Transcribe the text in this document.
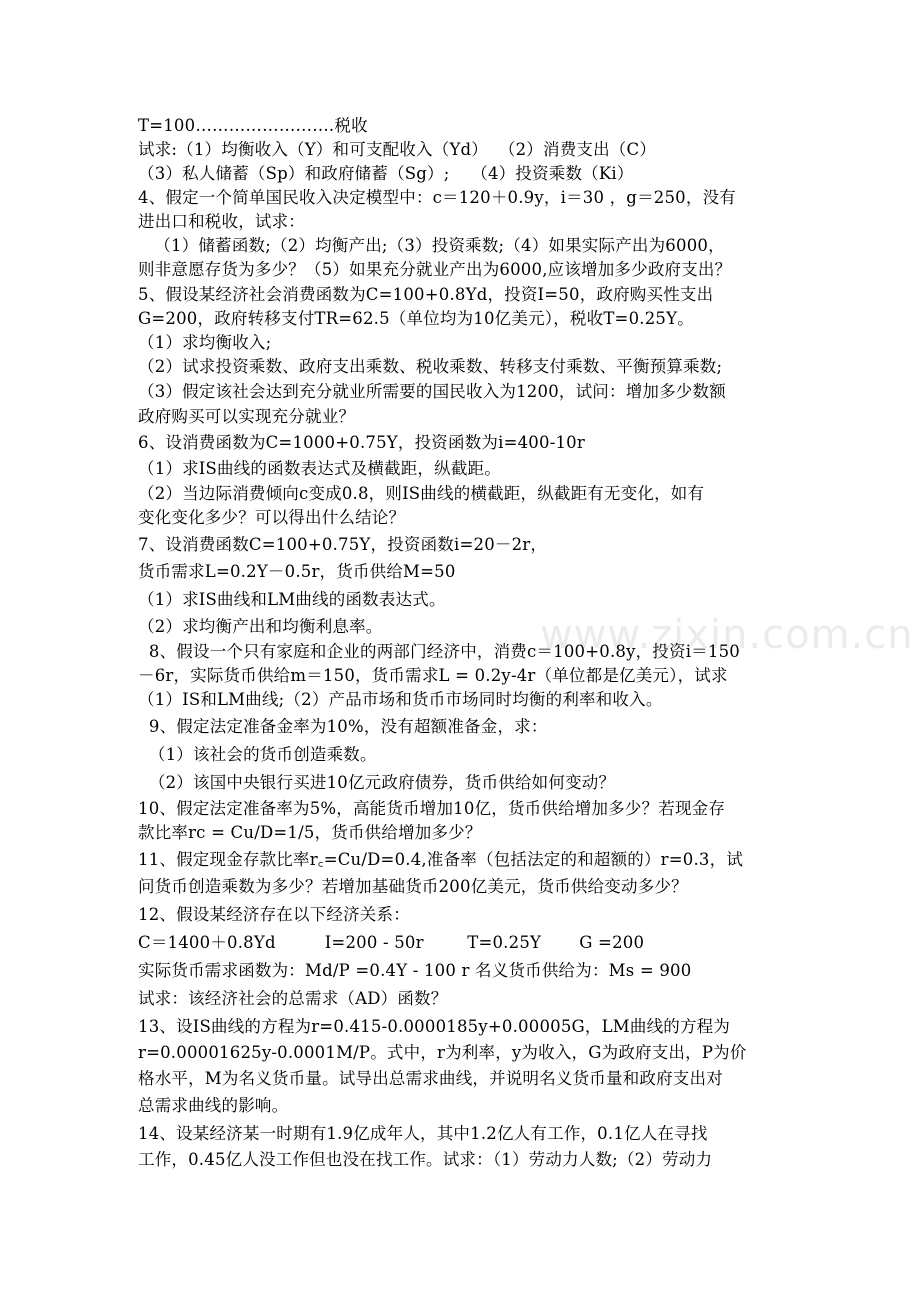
www.zixin.com.cn
T=100…………………….税收
试求:（1）均衡收入（Y）和可支配收入（Yd）  （2）消费支出（C）
（3）私人储蓄（Sp）和政府储蓄（Sg）;    （4）投资乘数（Ki）
4、假定一个简单国民收入决定模型中：c＝120＋0.9y，i＝30 ，g＝250，没有
进出口和税收，试求：
（1）储蓄函数;（2）均衡产出;（3）投资乘数;（4）如果实际产出为6000，
则非意愿存货为多少？（5）如果充分就业产出为6000,应该增加多少政府支出？
5、假设某经济社会消费函数为C=100+0.8Yd，投资I=50，政府购买性支出
G=200，政府转移支付TR=62.5（单位均为10亿美元），税收T=0.25Y。
（1）求均衡收入;
（2）试求投资乘数、政府支出乘数、税收乘数、转移支付乘数、平衡预算乘数;
（3）假定该社会达到充分就业所需要的国民收入为1200，试问：增加多少数额
政府购买可以实现充分就业？
6、设消费函数为C=1000+0.75Y，投资函数为i=400-10r
（1）求IS曲线的函数表达式及横截距，纵截距。
（2）当边际消费倾向c变成0.8，则IS曲线的横截距，纵截距有无变化，如有
变化变化多少？可以得出什么结论？
7、设消费函数C=100+0.75Y，投资函数i=20－2r，
货币需求L=0.2Y－0.5r，货币供给M=50
（1）求IS曲线和LM曲线的函数表达式。
（2）求均衡产出和均衡利息率。
8、假设一个只有家庭和企业的两部门经济中，消费c＝100+0.8y，投资i＝150
－6r，实际货币供给m＝150，货币需求L = 0.2y-4r（单位都是亿美元），试求
（1）IS和LM曲线;（2）产品市场和货币市场同时均衡的利率和收入。
9、假定法定准备金率为10%，没有超额准备金，求：
（1）该社会的货币创造乘数。
（2）该国中央银行买进10亿元政府债券，货币供给如何变动？
10、假定法定准备率为5%，高能货币增加10亿，货币供给增加多少？若现金存
款比率rc = Cu/D=1/5，货币供给增加多少？
11、假定现金存款比率r꜀=Cu/D=0.4,准备率（包括法定的和超额的）r=0.3，试
问货币创造乘数为多少？若增加基础货币200亿美元，货币供给变动多少？
12、假设某经济存在以下经济关系：
C＝1400＋0.8Yd         I=200 - 50r        T=0.25Y       G =200
实际货币需求函数为：Md/P =0.4Y - 100 r 名义货币供给为：Ms = 900
试求：该经济社会的总需求（AD）函数？
13、设IS曲线的方程为r=0.415-0.0000185y+0.00005G，LM曲线的方程为
r=0.00001625y-0.0001M/P。式中，r为利率，y为收入，G为政府支出，P为价
格水平，M为名义货币量。试导出总需求曲线，并说明名义货币量和政府支出对
总需求曲线的影响。
14、设某经济某一时期有1.9亿成年人，其中1.2亿人有工作，0.1亿人在寻找
工作，0.45亿人没工作但也没在找工作。试求：（1）劳动力人数;（2）劳动力
